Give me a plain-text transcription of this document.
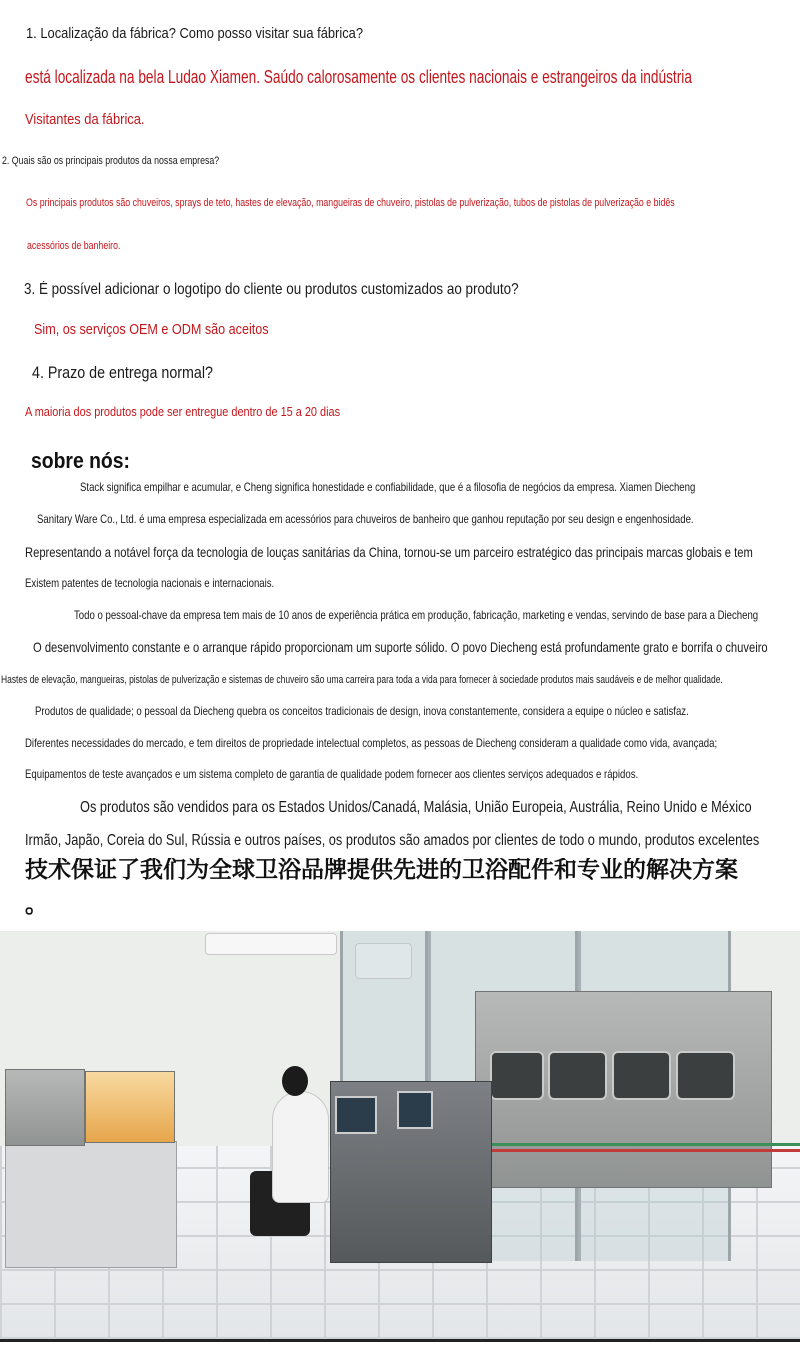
1. Localização da fábrica? Como posso visitar sua fábrica?
está localizada na bela Ludao Xiamen. Saúdo calorosamente os clientes nacionais e estrangeiros da indústria
Visitantes da fábrica.
2. Quais são os principais produtos da nossa empresa?
Os principais produtos são chuveiros, sprays de teto, hastes de elevação, mangueiras de chuveiro, pistolas de pulverização, tubos de pistolas de pulverização e bidês
acessórios de banheiro.
3. É possível adicionar o logotipo do cliente ou produtos customizados ao produto?
Sim, os serviços OEM e ODM são aceitos
4. Prazo de entrega normal?
A maioria dos produtos pode ser entregue dentro de 15 a 20 dias
sobre nós:
Stack significa empilhar e acumular, e Cheng significa honestidade e confiabilidade, que é a filosofia de negócios da empresa. Xiamen Diecheng
Sanitary Ware Co., Ltd. é uma empresa especializada em acessórios para chuveiros de banheiro que ganhou reputação por seu design e engenhosidade.
Representando a notável força da tecnologia de louças sanitárias da China, tornou-se um parceiro estratégico das principais marcas globais e tem
Existem patentes de tecnologia nacionais e internacionais.
Todo o pessoal-chave da empresa tem mais de 10 anos de experiência prática em produção, fabricação, marketing e vendas, servindo de base para a Diecheng
O desenvolvimento constante e o arranque rápido proporcionam um suporte sólido. O povo Diecheng está profundamente grato e borrifa o chuveiro
Hastes de elevação, mangueiras, pistolas de pulverização e sistemas de chuveiro são uma carreira para toda a vida para fornecer à sociedade produtos mais saudáveis ​​e de melhor qualidade.
Produtos de qualidade; o pessoal da Diecheng quebra os conceitos tradicionais de design, inova constantemente, considera a equipe o núcleo e satisfaz.
Diferentes necessidades do mercado, e tem direitos de propriedade intelectual completos, as pessoas de Diecheng consideram a qualidade como vida, avançada;
Equipamentos de teste avançados e um sistema completo de garantia de qualidade podem fornecer aos clientes serviços adequados e rápidos.
Os produtos são vendidos para os Estados Unidos/Canadá, Malásia, União Europeia, Austrália, Reino Unido e México
Irmão, Japão, Coreia do Sul, Rússia e outros países, os produtos são amados por clientes de todo o mundo, produtos excelentes
技术保证了我们为全球卫浴品牌提供先进的卫浴配件和专业的解决方案
。
